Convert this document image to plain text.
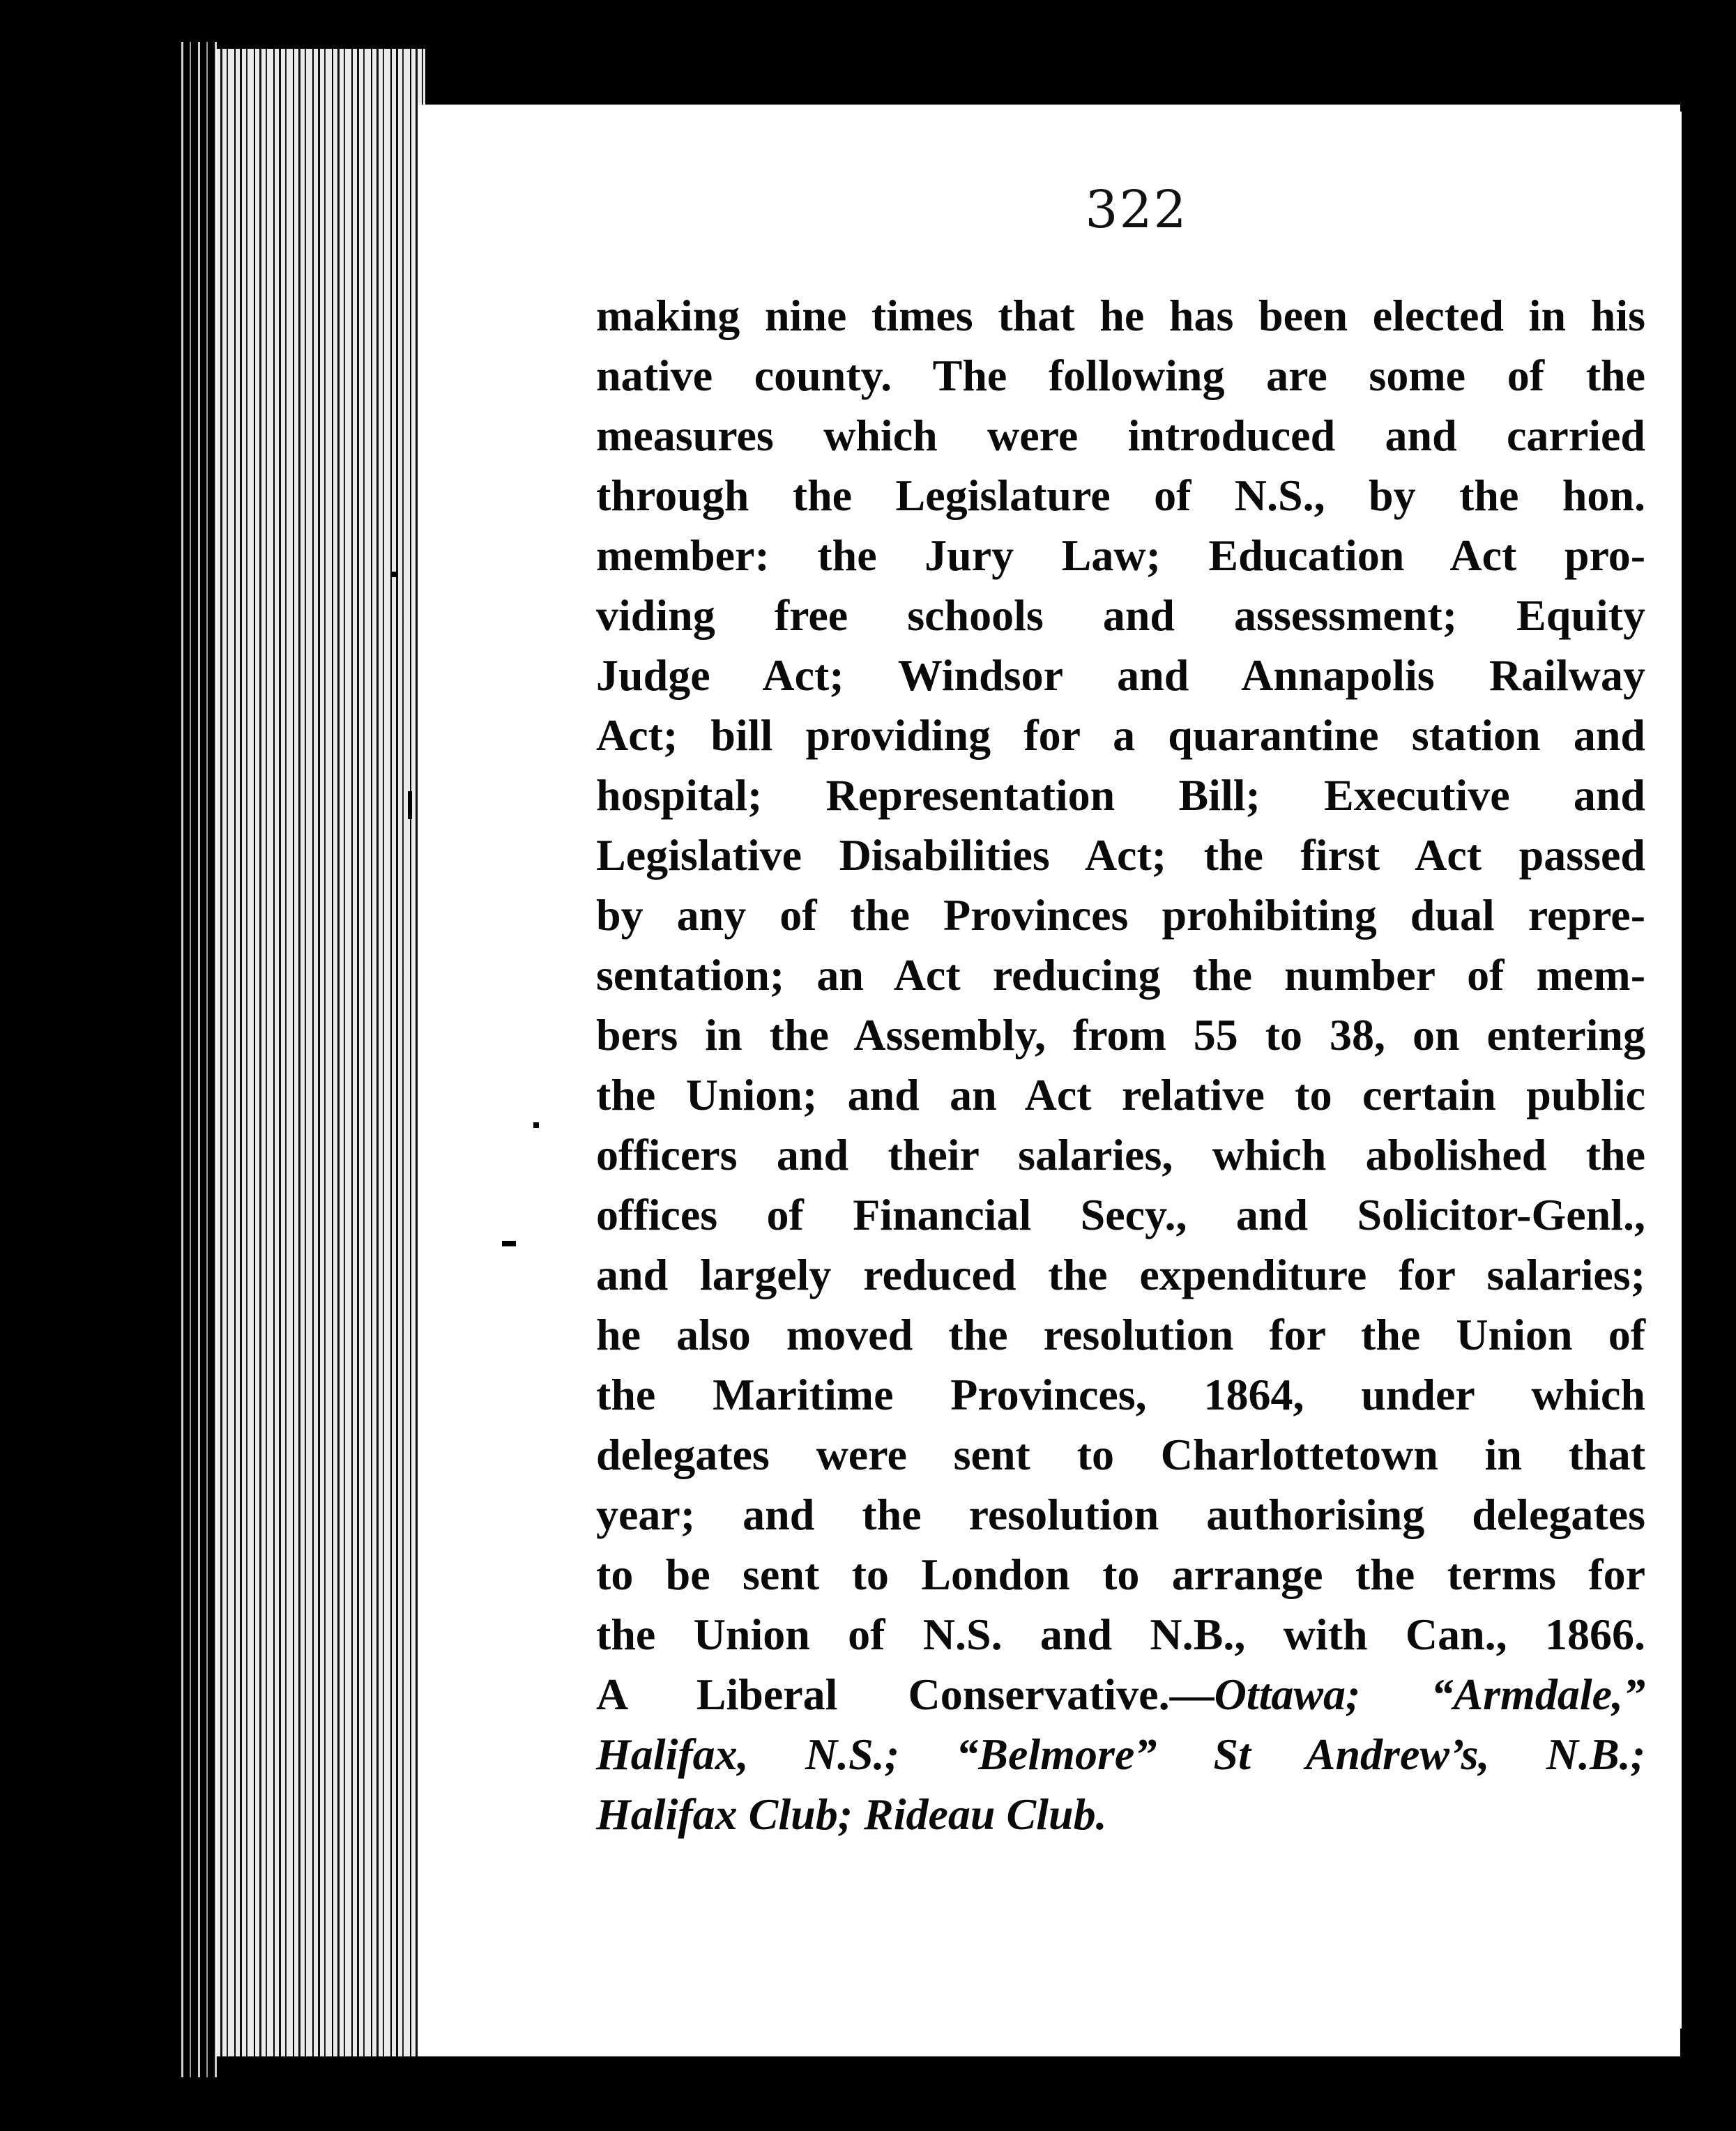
322
making nine times that he has been elected in his
native county. The following are some of the
measures which were introduced and carried
through the Legislature of N.S., by the hon.
member: the Jury Law; Education Act pro-
viding free schools and assessment; Equity
Judge Act; Windsor and Annapolis Railway
Act; bill providing for a quarantine station and
hospital; Representation Bill; Executive and
Legislative Disabilities Act; the first Act passed
by any of the Provinces prohibiting dual repre-
sentation; an Act reducing the number of mem-
bers in the Assembly, from 55 to 38, on entering
the Union; and an Act relative to certain public
officers and their salaries, which abolished the
offices of Financial Secy., and Solicitor-Genl.,
and largely reduced the expenditure for salaries;
he also moved the resolution for the Union of
the Maritime Provinces, 1864, under which
delegates were sent to Charlottetown in that
year; and the resolution authorising delegates
to be sent to London to arrange the terms for
the Union of N.S. and N.B., with Can., 1866.
A Liberal Conservative.—Ottawa; “Armdale,”
Halifax, N.S.; “Belmore” St Andrew’s, N.B.;
Halifax Club; Rideau Club.
